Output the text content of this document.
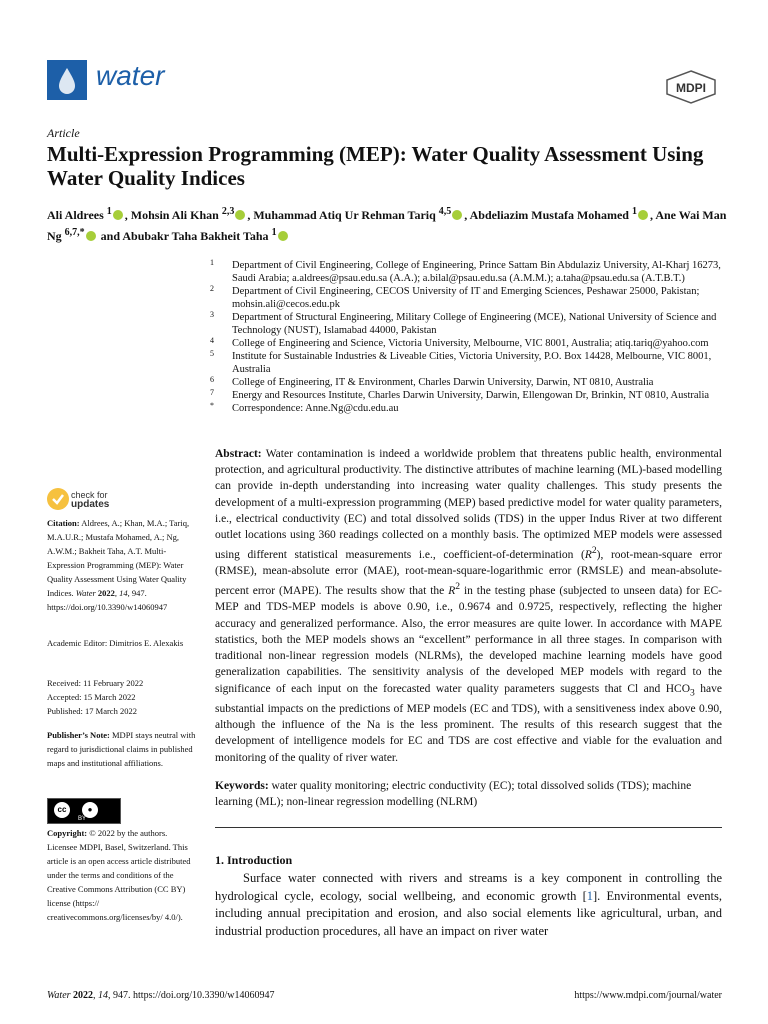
water	MDPI
Article
Multi-Expression Programming (MEP): Water Quality Assessment Using Water Quality Indices
Ali Aldrees $^1$ , Mohsin Ali Khan $^{2,3}$ , Muhammad Atiq Ur Rehman Tariq $^{4,5}$ , Abdeliazim Mustafa Mohamed $^1$ , Ane Wai Man Ng $^{6,7,*}$ and Abubakr Taha Bakheit Taha $^1$
1 Department of Civil Engineering, College of Engineering, Prince Sattam Bin Abdulaziz University, Al-Kharj 16273, Saudi Arabia; a.aldrees@psau.edu.sa (A.A.); a.bilal@psau.edu.sa (A.M.M.); a.taha@psau.edu.sa (A.T.B.T.)
2 Department of Civil Engineering, CECOS University of IT and Emerging Sciences, Peshawar 25000, Pakistan; mohsin.ali@cecos.edu.pk
3 Department of Structural Engineering, Military College of Engineering (MCE), National University of Science and Technology (NUST), Islamabad 44000, Pakistan
4 College of Engineering and Science, Victoria University, Melbourne, VIC 8001, Australia; atiq.tariq@yahoo.com
5 Institute for Sustainable Industries & Liveable Cities, Victoria University, P.O. Box 14428, Melbourne, VIC 8001, Australia
6 College of Engineering, IT & Environment, Charles Darwin University, Darwin, NT 0810, Australia
7 Energy and Resources Institute, Charles Darwin University, Darwin, Ellengowan Dr, Brinkin, NT 0810, Australia
* Correspondence: Anne.Ng@cdu.edu.au
check for
updates
Citation: Aldrees, A.; Khan, M.A.; Tariq, M.A.U.R.; Mustafa Mohamed, A.; Ng, A.W.M.; Bakheit Taha, A.T. Multi-Expression Programming (MEP): Water Quality Assessment Using Water Quality Indices. Water 2022, 14, 947. https://doi.org/10.3390/w14060947
Academic Editor: Dimitrios E. Alexakis
Received: 11 February 2022
Accepted: 15 March 2022
Published: 17 March 2022
Publisher’s Note: MDPI stays neutral with regard to jurisdictional claims in published maps and institutional affiliations.
cc	●
BY
Copyright: © 2022 by the authors. Licensee MDPI, Basel, Switzerland. This article is an open access article distributed under the terms and conditions of the Creative Commons Attribution (CC BY) license (https:// creativecommons.org/licenses/by/ 4.0/).
Abstract: Water contamination is indeed a worldwide problem that threatens public health, environmental protection, and agricultural productivity. The distinctive attributes of machine learning (ML)-based modelling can provide in-depth understanding into increasing water quality challenges. This study presents the development of a multi-expression programming (MEP) based predictive model for water quality parameters, i.e., electrical conductivity (EC) and total dissolved solids (TDS) in the upper Indus River at two different outlet locations using 360 readings collected on a monthly basis. The optimized MEP models were assessed using different statistical measurements i.e., coefficient-of-determination $(R^2)$, root-mean-square error (RMSE), mean-absolute error (MAE), root-mean-square-logarithmic error (RMSLE) and mean-absolute-percent error (MAPE). The results show that the $R^2$ in the testing phase (subjected to unseen data) for EC-MEP and TDS-MEP models is above 0.90, i.e., 0.9674 and 0.9725, respectively, reflecting the higher accuracy and generalized performance. Also, the error measures are quite lower. In accordance with MAPE statistics, both the MEP models shows an “excellent” performance in all three stages. In comparison with traditional non-linear regression models (NLRMs), the developed machine learning models have good generalization capabilities. The sensitivity analysis of the developed MEP models with regard to the significance of each input on the forecasted water quality parameters suggests that Cl and $HCO_3$ have substantial impacts on the predictions of MEP models (EC and TDS), with a sensitiveness index above 0.90, although the influence of the Na is the less prominent. The results of this research suggest that the development of intelligence models for EC and TDS are cost effective and viable for the evaluation and monitoring of the quality of river water.
Keywords: water quality monitoring; electric conductivity (EC); total dissolved solids (TDS); machine learning (ML); non-linear regression modelling (NLRM)
1. Introduction
Surface water connected with rivers and streams is a key component in controlling the hydrological cycle, ecology, social wellbeing, and economic growth [1]. Environmental events, including annual precipitation and erosion, and also social elements like agricultural, urban, and industrial production procedures, all have an impact on river water
Water 2022, 14, 947. https://doi.org/10.3390/w14060947	https://www.mdpi.com/journal/water
